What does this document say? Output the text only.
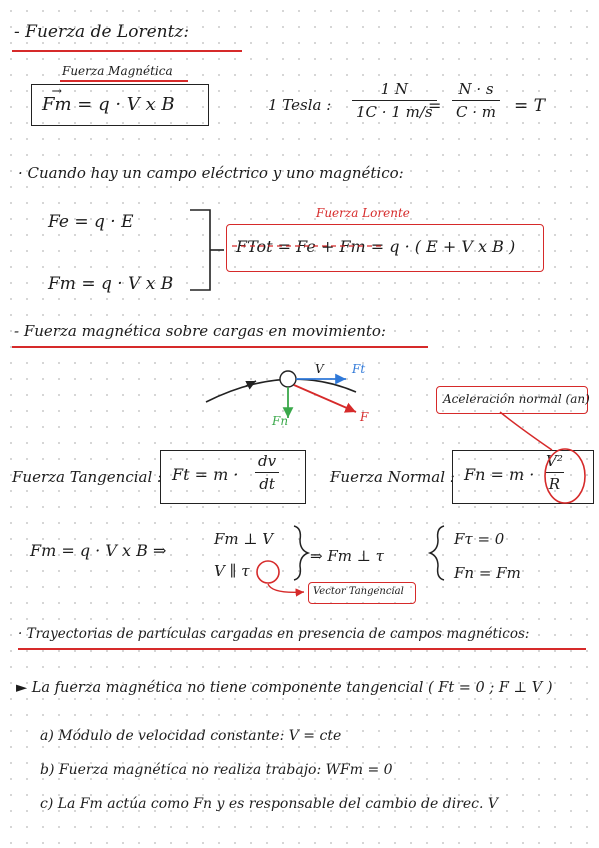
- Fuerza de Lorentz:
Fuerza Magnética
→ Fm = q · V x B	1 Tesla : $\frac{1 N}{1C \cdot 1 m/s}$
= $\frac{N \cdot s}{C \cdot m} = T$
· Cuando hay un campo eléctrico y uno magnético:
Fe = q · E
Fm = q · V x B
Fuerza Lorente
FTot = Fe + Fm = q · ( E + V x B )
- Fuerza magnética sobre cargas en movimiento:
V Ft
Fn	F
Aceleración normal (an)
Fuerza Tangencial : $Ft = m \cdot \frac{dv}{dt}$	Fuerza Normal : $Fn = m \cdot \frac{\text{V²}}{R}$
Fm = q · V x B ⇒
Fm ⊥ V
V ∥ τ
⇒ Fm ⊥ τ
Fτ = 0
Fn = Fm
Vector Tangencial
· Trayectorias de partículas cargadas en presencia de campos magnéticos:
► La fuerza magnética no tiene componente tangencial ( Ft = 0 ; F ⊥ V )
a) Módulo de velocidad constante: V = cte
b) Fuerza magnética no realiza trabajo: WFm = 0
c) La Fm actúa como Fn y es responsable del cambio de direc. V
